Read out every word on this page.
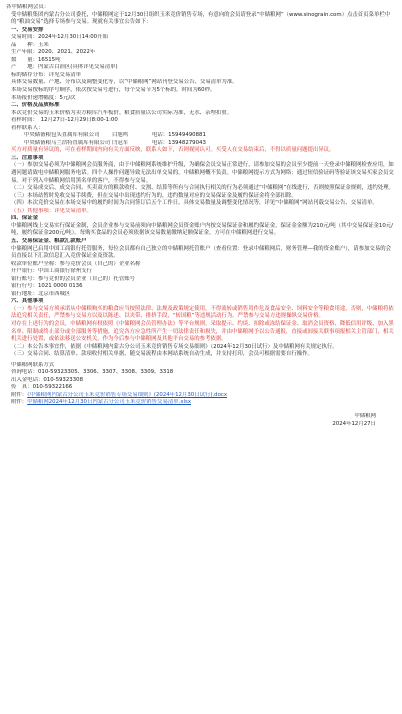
各中储粮网会员：
受中储粮集团内蒙古分公司委托，中储粮网定于12月30日组织玉米竞价销售专场，有意向的会员请登录“中储粮网”（www.sinograin.com）点击首页菜单栏中的“粮油交易”选择专场参与交易。现就有关事宜公告如下：
一、交易安排
交易时间：2024年12月30日14:00开始
品　　种：玉米
生产年限：2020、2021、2022年
数　　量：16515吨
产　　地：内蒙古白治区(具体详见交易清单)
标的储存分布：详见交易清单
具体交易数量、产地、分布以及调整变化等，以“中储粮网”网站刊登交易公告、交易清单为准。
本场交易按标的序号顺序，依次按交易号进行，每个交易节为5个标的，时间为60秒。
本场报价递增幅度：5元/次
二、价格及品质标准
本次竞价交易的玉米价格为卖方粮库汽车板价。粮食质量以公司实际为准，无水、杂埋扣重。
看样时间：　12月27日-12月29日8:00-1:00
看样联系人：
中央储备粮包头直属库有限公司 白旭鸣	电话：15949490881
中央储备粮乌兰浩特直属库有限公司 闫冠军	电话：13948279043
买方对质量有异议的，可在看样期间内向有关方面反映，联系人如下，否则视同认可。买受人在交易结束后，不得以质量问题提出异议。
三、注意事项
（一）参加交易必须为中储粮网会员服务商，由于中储粮网系统维护升级，为确保会员交易正常进行，请参加交易的会员至少提前一天登录中储粮网检查应用，如遇问题请致电中储粮网服务电话。四个人操作问题导致无法出单交易的，中储粮网概不负责。中储粮网提示方式为网络：通过短信验证码等验证该交易买家会员交易。对于列入中储粮网信用黑名单的客户，不得参与交易。
（二）交易成交后，成交合同、买卖双方的粮款收付、交割、结算等所有与合同执行相关的行为必须通过“中储粮网”在线进行，否则按照保证金规则，违约处理。
（三）本场站暂时免收交易手续费，但在交易中出现违约行为的，违约数量对应的交易保证金及履约保证金将全部扣除。
（四）本次竞价交易在本场交易中的履约时间为合同签订后五个工作日。具体交易数量及调整变化情况等，详见“中储粮网”网站刊载交易公告、交易清单。
（五）其他事项：详见交易清单。
四、保证金
中储粮网线上交易实行保证金制，会员企业参与交易前须向中储粮网会员资金账户内按交易保证金和履约保证金，保证金金额为210元/吨（其中交易保证金10元/吨，履约保证金200元/吨）。每购买食品的会员必须依据该交易数量缴纳足额保证金，方可在中储粮网进行交易。
五、交易保证金、粮款汇款账户
中储粮网已启用中国工商银行托管服务，每位会员都有自己独立的中储粮网托管账户（查看位置：登录中储粮网后，财务管理—我的资金账户），请参加交易的会员直接以下汇款信息汇入竞价保证金及资款。
收款单位账户全称：参与竞价会员（自己的）企业名称
开户银行：中国工商银行徐州支行
银行账号：参与竞价的会员企业（自己的）托管账号
银行行号：1021 0000 0136
银行地址：北京市西城区
六、其他事项
（一）参与交易方须承诺从中储粮购买的粮食应当按照法律、法规及政策规定使用，不得流转或销售用作危及食品安全、饲料安全等粮食用途，否则，中储粮将依法追究相关责任，严禁参与交易方以及以陈述、以夹带、排挤手段，“转国粮”等违规活动行为。严禁参与交易方违规操纵交易价格。
对存在上述行为的会员，中储粮网有权依照《中储粮网会员管理办法》等平台规则，采取提示、约谈、扣除或冻结保证金、取消会员资格、降低信用评级、加入黑名单、限制或终止部分或全部服务等措施，追究各方应急性所产生一切法律责任和损失，并由中储粮网予以公告通报，直接或间接关联事项报相关主管部门、相关机关进行处置，或依法移送公安机关，作为今后参与中储粮网及其他平台交易的参考依据。
（二）本公告本事宜作，依据《中储粮网内蒙古分公司玉米竞价销售专场交易细则》（2024年12月30日试行）及中储粮网有关规定执行。
（三）交易合同、结算清单、款项收付相关单据，随交易流程由本网站系统自动生成，并支持打印，会员可根据需要自行操作。
中储粮网联系方式
咨询电话：010-59323305、3306、3307、3308、3309、3318
出入金电话：010-59323308
传　真：010-59322166
附件：《中储粮网内蒙古分公司玉米竞价销售专场交易细则》(2024年12月30日试行).docx
附件：中储粮网2024年12月30日内蒙古分公司玉米竞价销售交易清单.xlsx
中储粮网
2024年12月27日
